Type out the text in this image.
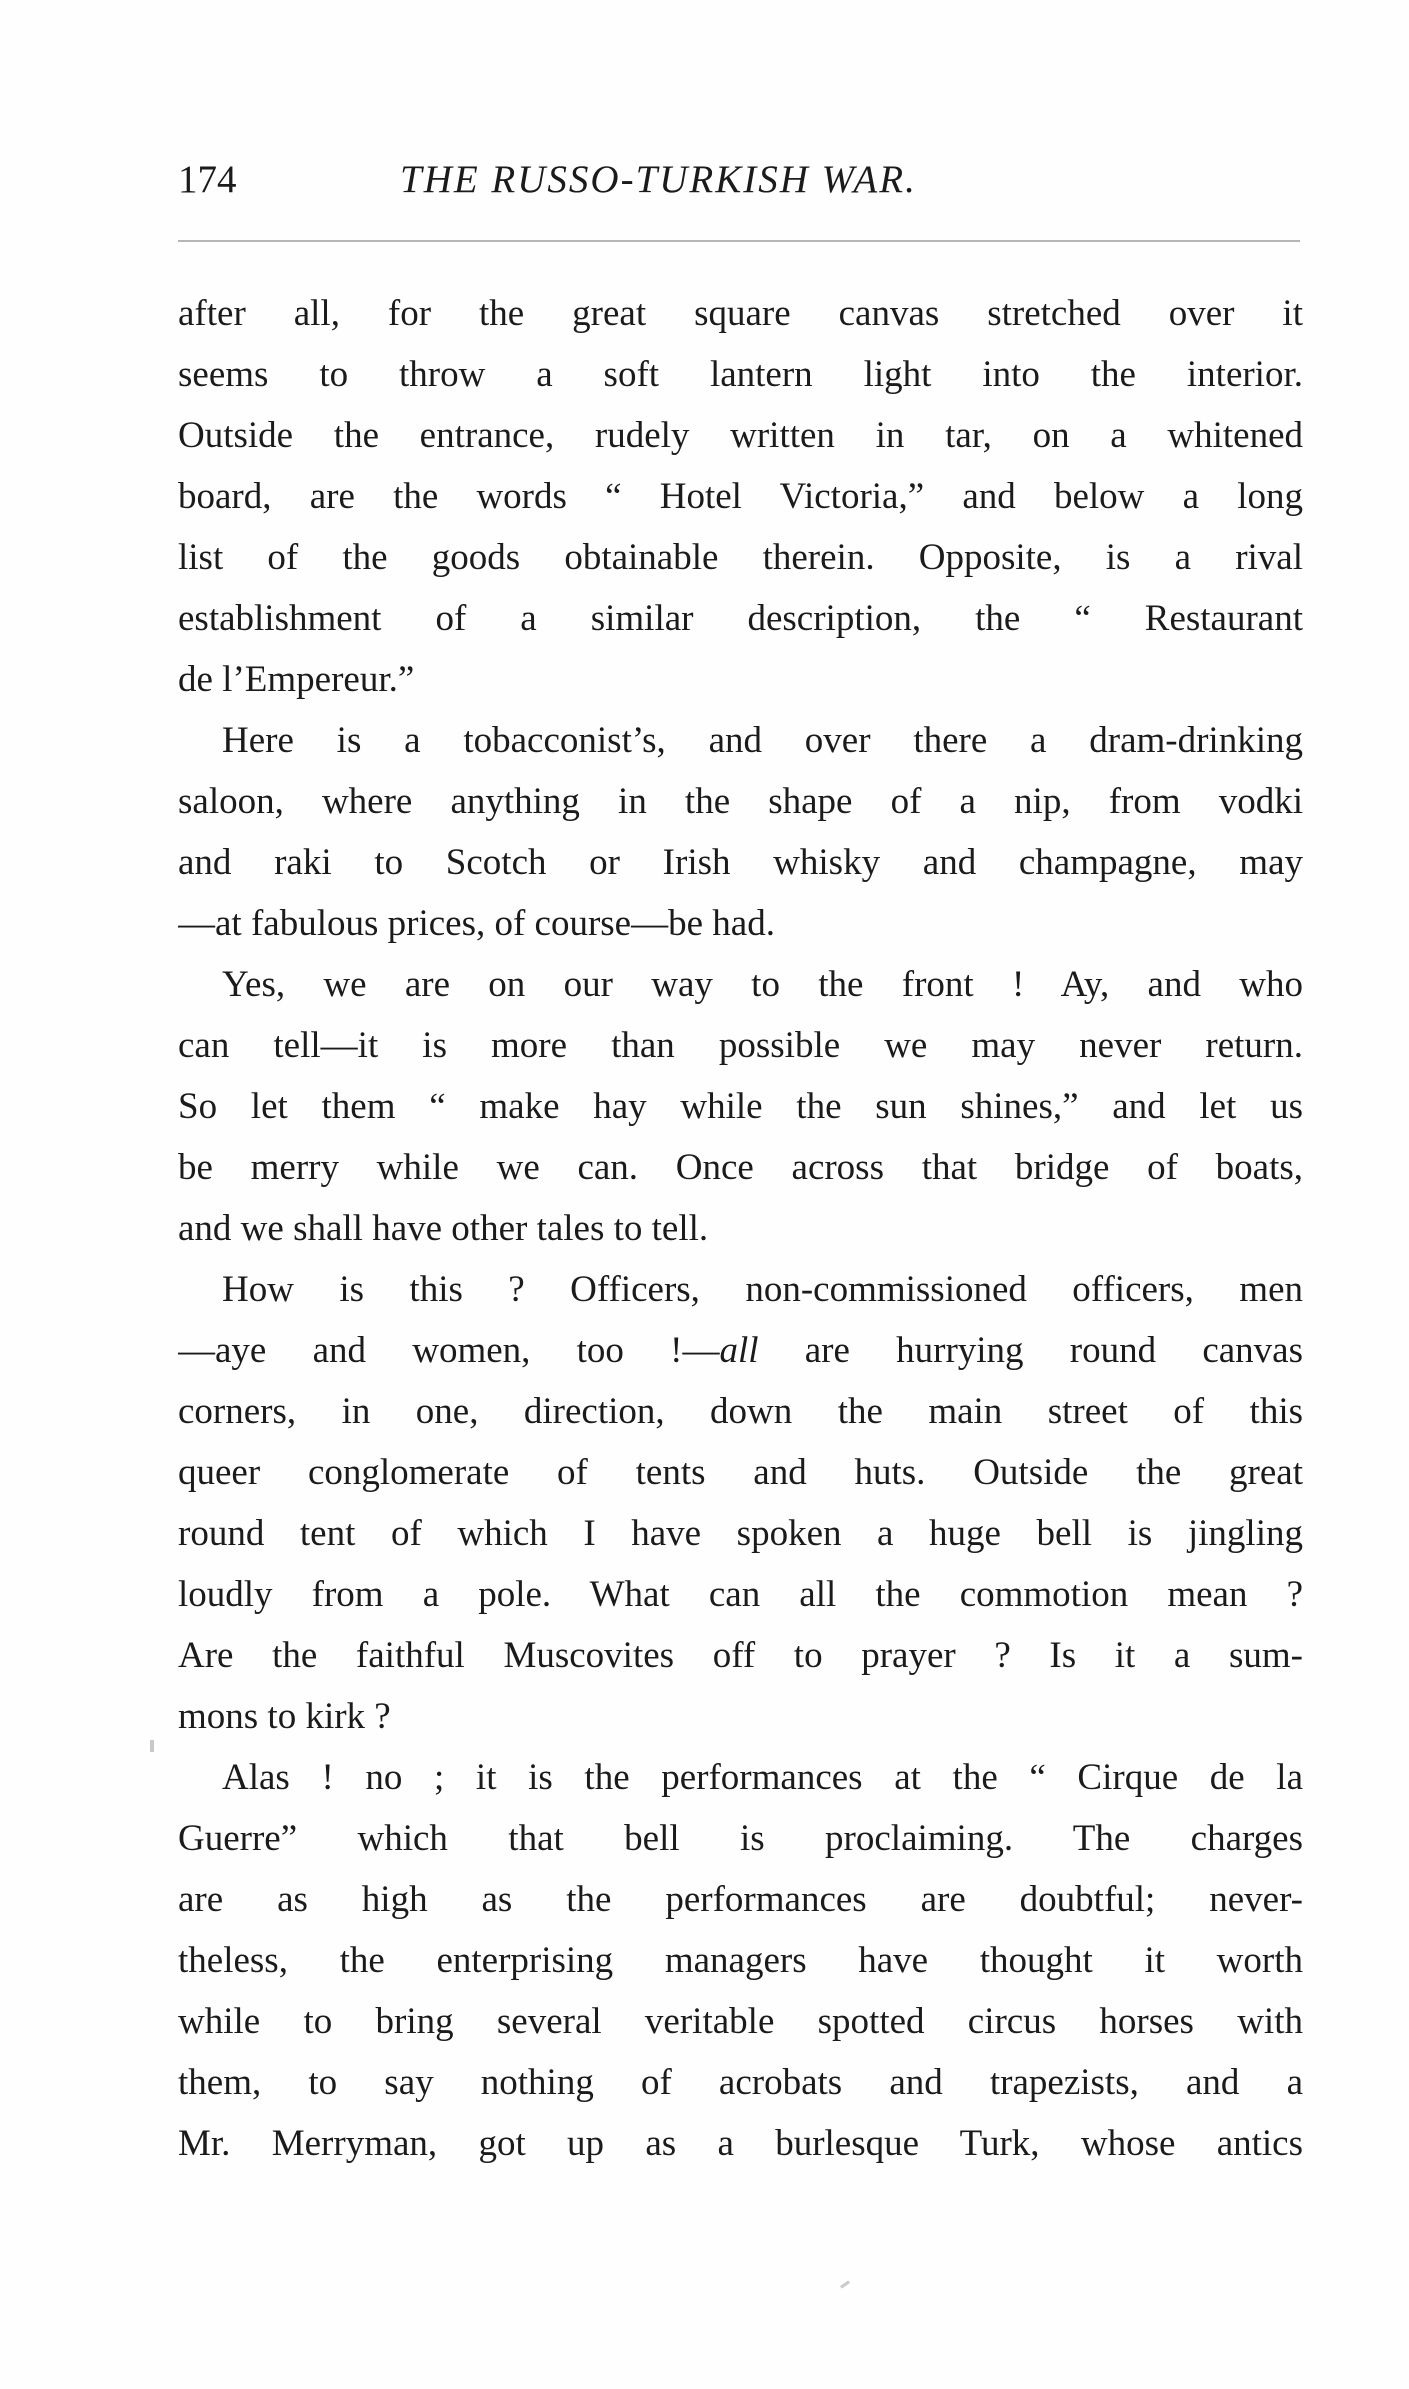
174	THE RUSSO-TURKISH WAR.
after all, for the great square canvas stretched over it
seems to throw a soft lantern light into the interior.
Outside the entrance, rudely written in tar, on a whitened
board, are the words “ Hotel Victoria,” and below a long
list of the goods obtainable therein. Opposite, is a rival
establishment of a similar description, the “ Restaurant
de l’Empereur.”
Here is a tobacconist’s, and over there a dram-drinking
saloon, where anything in the shape of a nip, from vodki
and raki to Scotch or Irish whisky and champagne, may
—at fabulous prices, of course—be had.
Yes, we are on our way to the front ! Ay, and who
can tell—it is more than possible we may never return.
So let them “ make hay while the sun shines,” and let us
be merry while we can. Once across that bridge of boats,
and we shall have other tales to tell.
How is this ? Officers, non-commissioned officers, men
—aye and women, too !—all are hurrying round canvas
corners, in one, direction, down the main street of this
queer conglomerate of tents and huts. Outside the great
round tent of which I have spoken a huge bell is jingling
loudly from a pole. What can all the commotion mean ?
Are the faithful Muscovites off to prayer ? Is it a sum-
mons to kirk ?
Alas ! no ; it is the performances at the “ Cirque de la
Guerre” which that bell is proclaiming. The charges
are as high as the performances are doubtful; never-
theless, the enterprising managers have thought it worth
while to bring several veritable spotted circus horses with
them, to say nothing of acrobats and trapezists, and a
Mr. Merryman, got up as a burlesque Turk, whose antics
